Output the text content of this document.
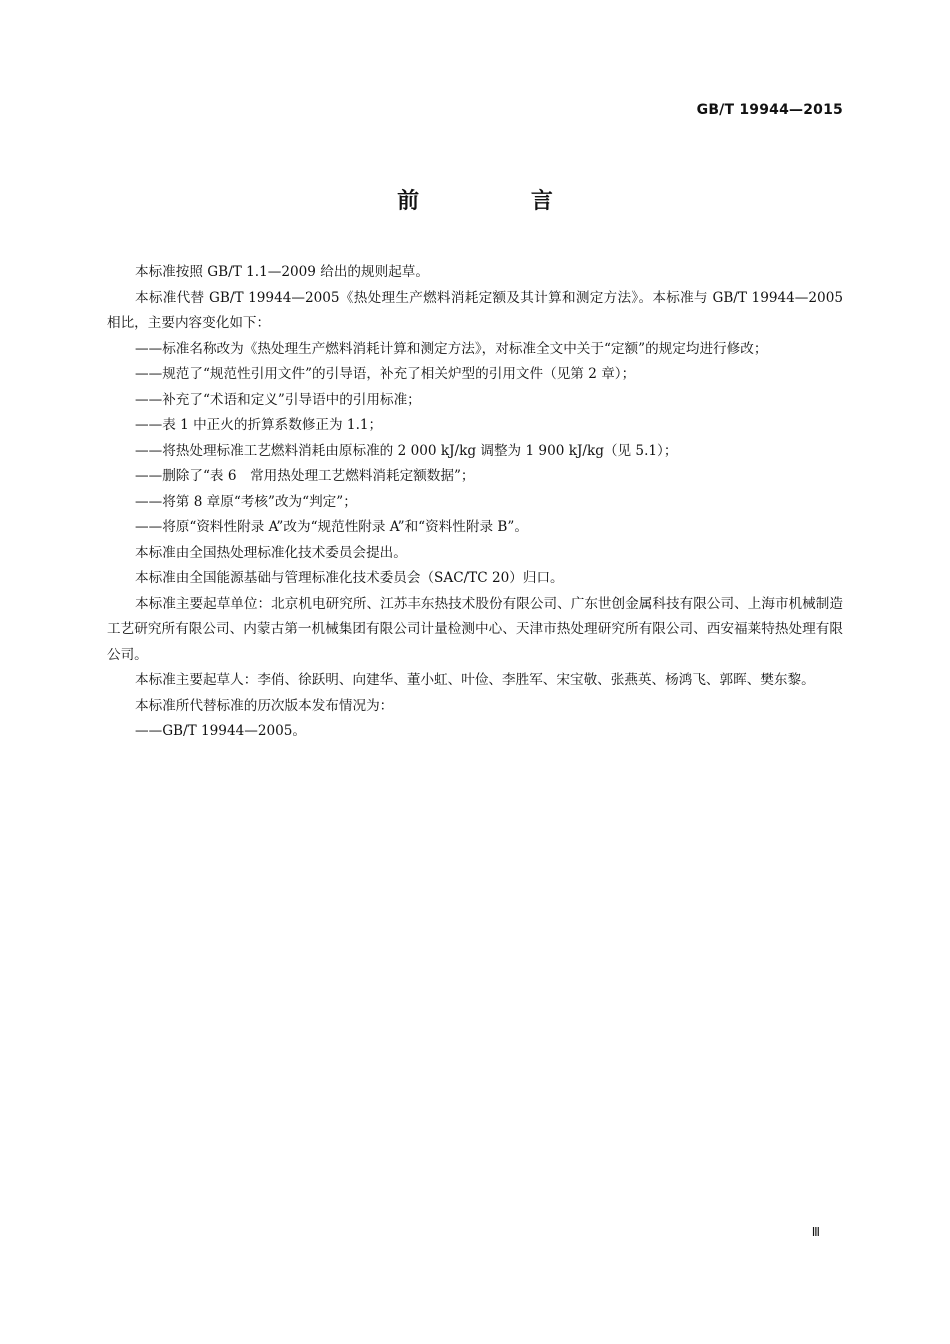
GB/T 19944—2015
前 言

本标准按照 GB/T 1.1—2009 给出的规则起草。

本标准代替 GB/T 19944—2005《热处理生产燃料消耗定额及其计算和测定方法》。本标准与 GB/T 19944—2005 相比，主要内容变化如下：

——标准名称改为《热处理生产燃料消耗计算和测定方法》，对标准全文中关于“定额”的规定均进行修改；

——规范了“规范性引用文件”的引导语，补充了相关炉型的引用文件（见第 2 章）；

——补充了“术语和定义”引导语中的引用标准；

——表 1 中正火的折算系数修正为 1.1；

——将热处理标准工艺燃料消耗由原标准的 2 000 kJ/kg 调整为 1 900 kJ/kg（见 5.1）；

——删除了“表 6　常用热处理工艺燃料消耗定额数据”；

——将第 8 章原“考核”改为“判定”；

——将原“资料性附录 A”改为“规范性附录 A”和“资料性附录 B”。

本标准由全国热处理标准化技术委员会提出。

本标准由全国能源基础与管理标准化技术委员会（SAC/TC 20）归口。

本标准主要起草单位：北京机电研究所、江苏丰东热技术股份有限公司、广东世创金属科技有限公司、上海市机械制造工艺研究所有限公司、内蒙古第一机械集团有限公司计量检测中心、天津市热处理研究所有限公司、西安福莱特热处理有限公司。

本标准主要起草人：李俏、徐跃明、向建华、董小虹、叶俭、李胜军、宋宝敬、张燕英、杨鸿飞、郭晖、樊东黎。

本标准所代替标准的历次版本发布情况为：

——GB/T 19944—2005。

Ⅲ
